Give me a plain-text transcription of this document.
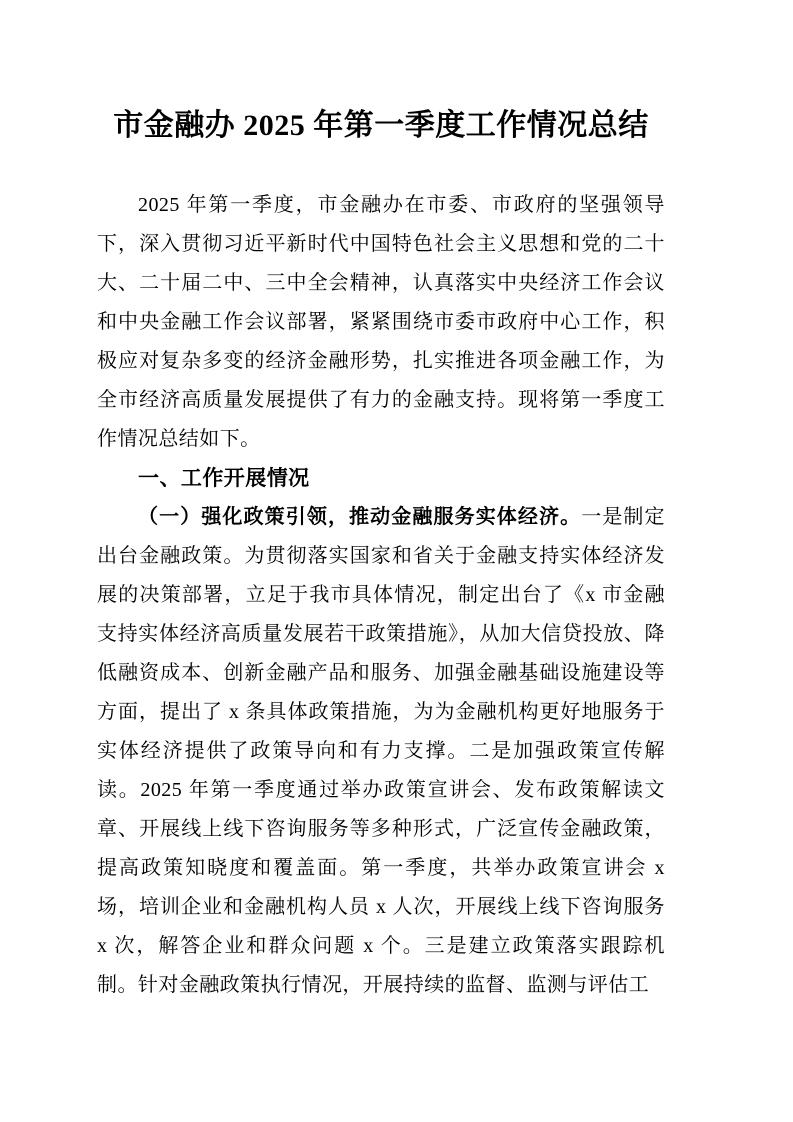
市金融办 2025 年第一季度工作情况总结

2025 年第一季度，市金融办在市委、市政府的坚强领导下，深入贯彻习近平新时代中国特色社会主义思想和党的二十大、二十届二中、三中全会精神，认真落实中央经济工作会议和中央金融工作会议部署，紧紧围绕市委市政府中心工作，积极应对复杂多变的经济金融形势，扎实推进各项金融工作，为全市经济高质量发展提供了有力的金融支持。现将第一季度工作情况总结如下。

一、工作开展情况

（一）强化政策引领，推动金融服务实体经济。一是制定出台金融政策。为贯彻落实国家和省关于金融支持实体经济发展的决策部署，立足于我市具体情况，制定出台了《x 市金融支持实体经济高质量发展若干政策措施》，从加大信贷投放、降低融资成本、创新金融产品和服务、加强金融基础设施建设等方面，提出了 x 条具体政策措施，为为金融机构更好地服务于实体经济提供了政策导向和有力支撑。二是加强政策宣传解读。2025 年第一季度通过举办政策宣讲会、发布政策解读文章、开展线上线下咨询服务等多种形式，广泛宣传金融政策，提高政策知晓度和覆盖面。第一季度，共举办政策宣讲会 x 场，培训企业和金融机构人员 x 人次，开展线上线下咨询服务 x 次，解答企业和群众问题 x 个。三是建立政策落实跟踪机制。针对金融政策执行情况，开展持续的监督、监测与评估工
